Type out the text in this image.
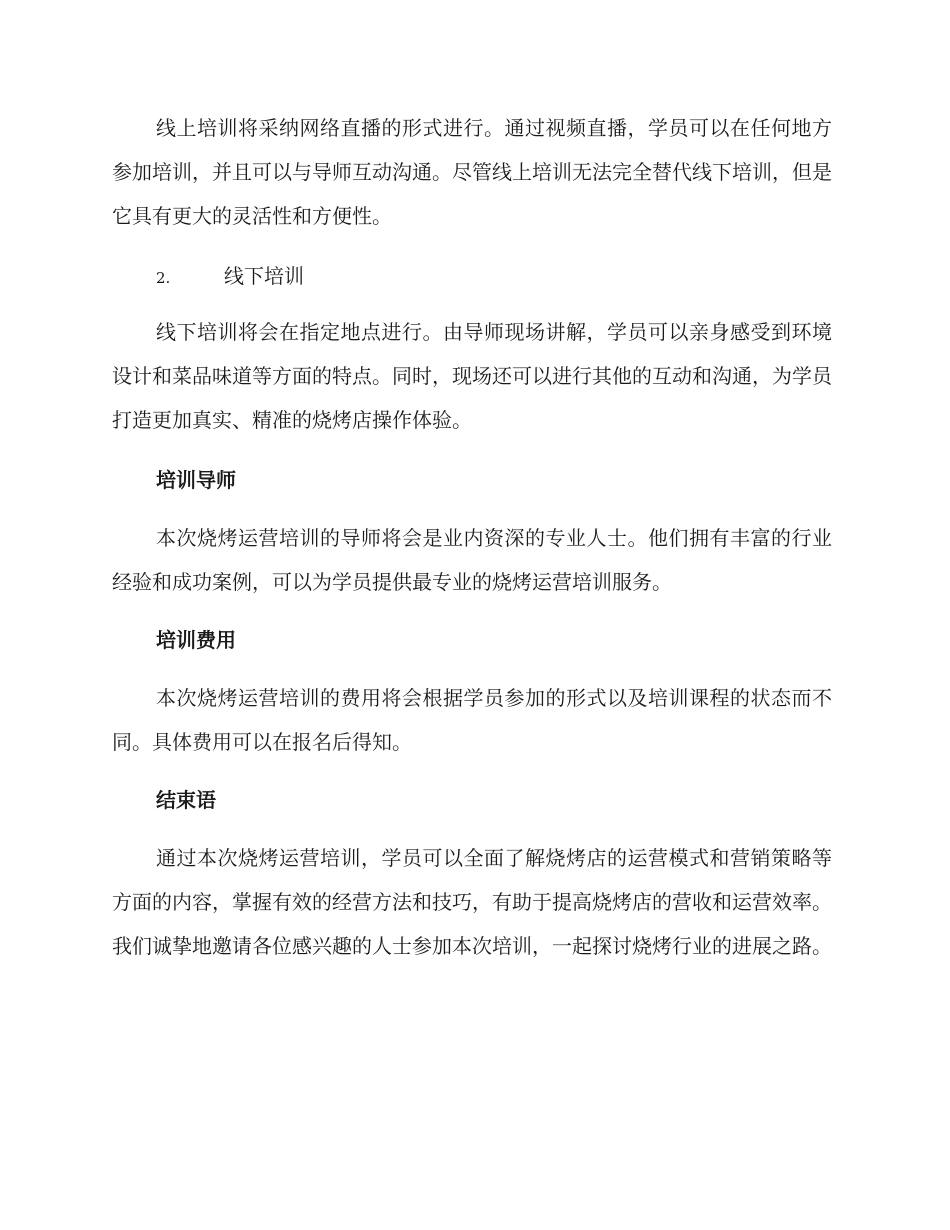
线上培训将采纳网络直播的形式进行。通过视频直播，学员可以在任何地方参加培训，并且可以与导师互动沟通。尽管线上培训无法完全替代线下培训，但是它具有更大的灵活性和方便性。

2.	线下培训

线下培训将会在指定地点进行。由导师现场讲解，学员可以亲身感受到环境设计和菜品味道等方面的特点。同时，现场还可以进行其他的互动和沟通，为学员打造更加真实、精准的烧烤店操作体验。

培训导师

本次烧烤运营培训的导师将会是业内资深的专业人士。他们拥有丰富的行业经验和成功案例，可以为学员提供最专业的烧烤运营培训服务。

培训费用

本次烧烤运营培训的费用将会根据学员参加的形式以及培训课程的状态而不同。具体费用可以在报名后得知。

结束语

通过本次烧烤运营培训，学员可以全面了解烧烤店的运营模式和营销策略等方面的内容，掌握有效的经营方法和技巧，有助于提高烧烤店的营收和运营效率。我们诚挚地邀请各位感兴趣的人士参加本次培训，一起探讨烧烤行业的进展之路。
